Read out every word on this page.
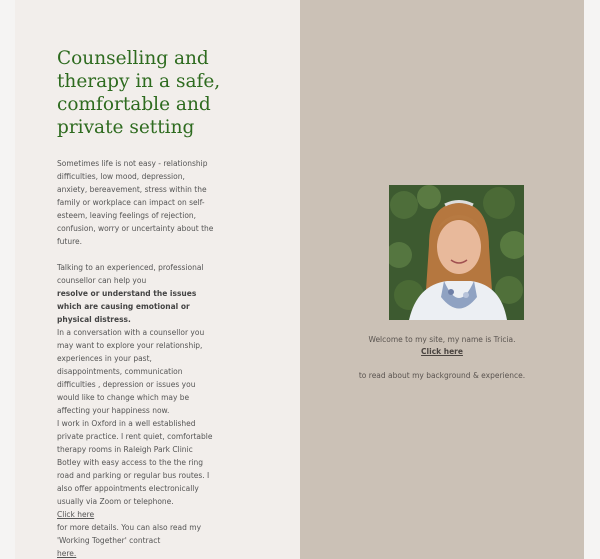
Counselling and therapy in a safe, comfortable and private setting

Sometimes life is not easy - relationship difficulties, low mood, depression, anxiety, bereavement, stress within the family or workplace can impact on self-esteem, leaving feelings of rejection, confusion, worry or uncertainty about the future.

Talking to an experienced, professional counsellor can help you

resolve or understand the issues which are causing emotional or physical distress.

In a conversation with a counsellor you may want to explore your relationship, experiences in your past, disappointments, communication difficulties , depression or issues you would like to change which may be affecting your happiness now.

I work in Oxford in a well established private practice. I rent quiet, comfortable therapy rooms in Raleigh Park Clinic Botley with easy access to the the ring road and parking or regular bus routes. I also offer appointments electronically usually via Zoom or telephone.

Click here

for more details. You can also read my 'Working Together' contract

here.

Welcome to my site, my name is Tricia.
Click here
to read about my background & experience.
